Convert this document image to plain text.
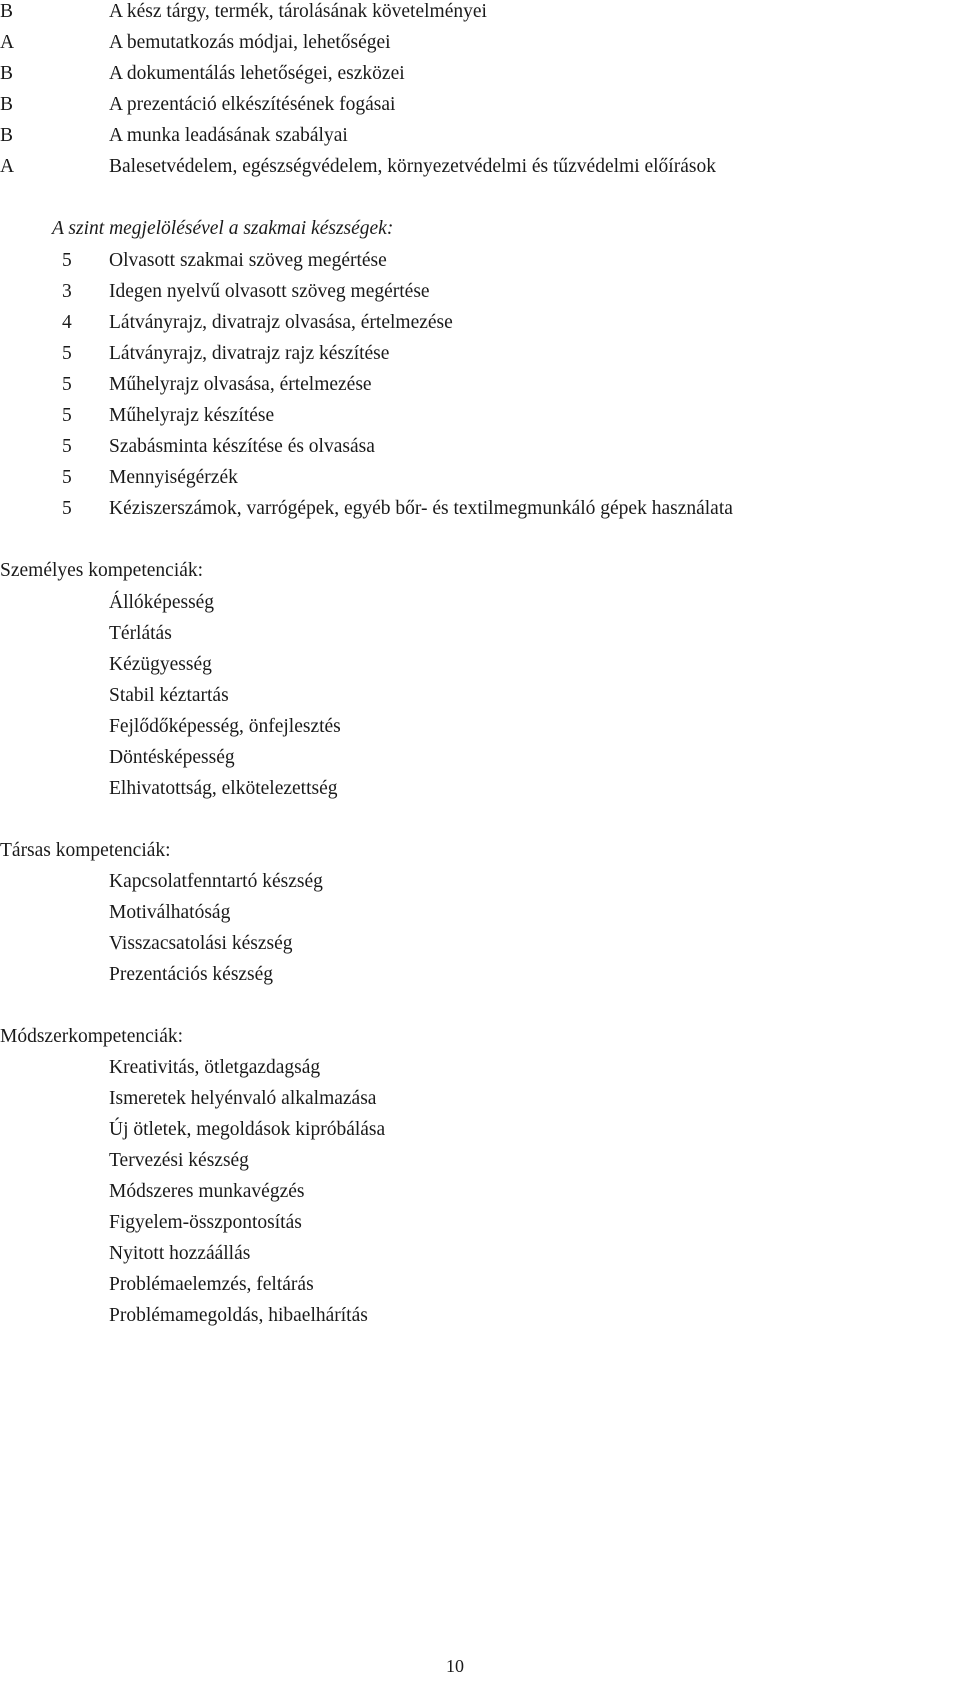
B	A kész tárgy, termék, tárolásának követelményei
A	A bemutatkozás módjai, lehetőségei
B	A dokumentálás lehetőségei, eszközei
B	A prezentáció elkészítésének fogásai
B	A munka leadásának szabályai
A	Balesetvédelem, egészségvédelem, környezetvédelmi és tűzvédelmi előírások
A szint megjelölésével a szakmai készségek:
5 Olvasott szakmai szöveg megértése
3 Idegen nyelvű olvasott szöveg megértése
4 Látványrajz, divatrajz olvasása, értelmezése
5 Látványrajz, divatrajz rajz készítése
5 Műhelyrajz olvasása, értelmezése
5 Műhelyrajz készítése
5 Szabásminta készítése és olvasása
5 Mennyiségérzék
5 Kéziszerszámok, varrógépek, egyéb bőr- és textilmegmunkáló gépek használata
Személyes kompetenciák:
Állóképesség
Térlátás
Kézügyesség
Stabil kéztartás
Fejlődőképesség, önfejlesztés
Döntésképesség
Elhivatottság, elkötelezettség
Társas kompetenciák:
Kapcsolatfenntartó készség
Motiválhatóság
Visszacsatolási készség
Prezentációs készség
Módszerkompetenciák:
Kreativitás, ötletgazdagság
Ismeretek helyénvaló alkalmazása
Új ötletek, megoldások kipróbálása
Tervezési készség
Módszeres munkavégzés
Figyelem-összpontosítás
Nyitott hozzáállás
Problémaelemzés, feltárás
Problémamegoldás, hibaelhárítás
10
